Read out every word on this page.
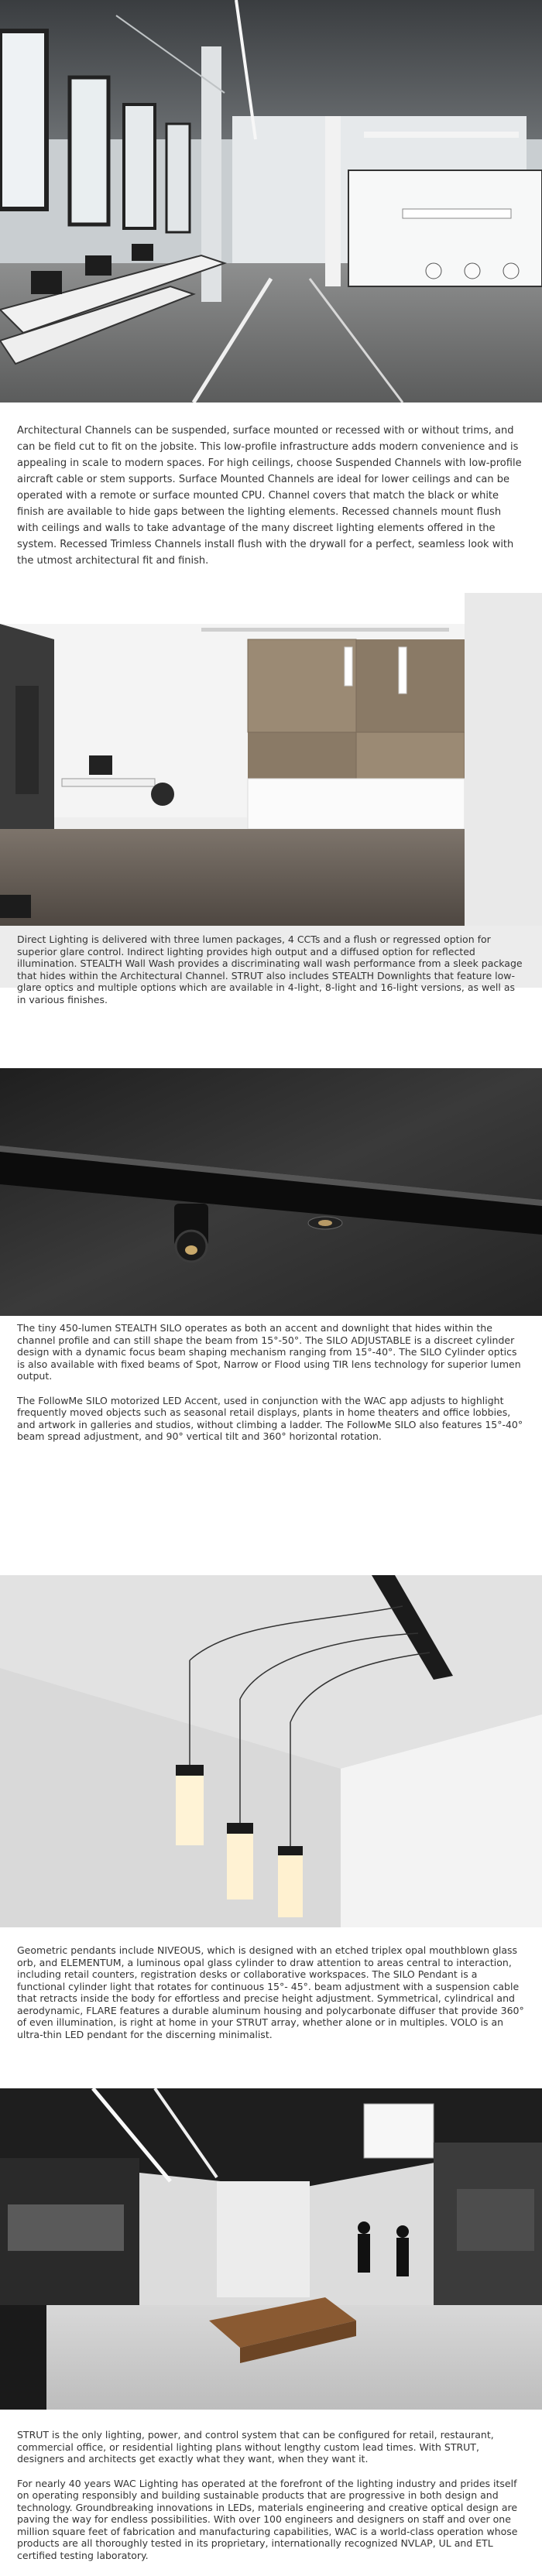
Architectural Channels can be suspended, surface mounted or recessed with or without trims, and can be field cut to fit on the jobsite. This low-profile infrastructure adds modern convenience and is appealing in scale to modern spaces. For high ceilings, choose Suspended Channels with low-profile aircraft cable or stem supports. Surface Mounted Channels are ideal for lower ceilings and can be operated with a remote or surface mounted CPU. Channel covers that match the black or white finish are available to hide gaps between the lighting elements. Recessed channels mount flush with ceilings and walls to take advantage of the many discreet lighting elements offered in the system. Recessed Trimless Channels install flush with the drywall for a perfect, seamless look with the utmost architectural fit and finish.

Direct Lighting is delivered with three lumen packages, 4 CCTs and a flush or regressed option for superior glare control. Indirect lighting provides high output and a diffused option for reflected illumination. STEALTH Wall Wash provides a discriminating wall wash performance from a sleek package that hides within the Architectural Channel. STRUT also includes STEALTH Downlights that feature low-glare optics and multiple options which are available in 4-light, 8-light and 16-light versions, as well as in various finishes.

The tiny 450-lumen STEALTH SILO operates as both an accent and downlight that hides within the channel profile and can still shape the beam from 15°-50°. The SILO ADJUSTABLE is a discreet cylinder design with a dynamic focus beam shaping mechanism ranging from 15°-40°. The SILO Cylinder optics is also available with fixed beams of Spot, Narrow or Flood using TIR lens technology for superior lumen output.

The FollowMe SILO motorized LED Accent, used in conjunction with the WAC app adjusts to highlight frequently moved objects such as seasonal retail displays, plants in home theaters and office lobbies, and artwork in galleries and studios, without climbing a ladder. The FollowMe SILO also features 15°-40° beam spread adjustment, and 90° vertical tilt and 360° horizontal rotation.

Geometric pendants include NIVEOUS, which is designed with an etched triplex opal mouthblown glass orb, and ELEMENTUM, a luminous opal glass cylinder to draw attention to areas central to interaction, including retail counters, registration desks or collaborative workspaces. The SILO Pendant is a functional cylinder light that rotates for continuous 15°- 45°. beam adjustment with a suspension cable that retracts inside the body for effortless and precise height adjustment. Symmetrical, cylindrical and aerodynamic, FLARE features a durable aluminum housing and polycarbonate diffuser that provide 360° of even illumination, is right at home in your STRUT array, whether alone or in multiples. VOLO is an ultra-thin LED pendant for the discerning minimalist.

STRUT is the only lighting, power, and control system that can be configured for retail, restaurant, commercial office, or residential lighting plans without lengthy custom lead times. With STRUT, designers and architects get exactly what they want, when they want it.

For nearly 40 years WAC Lighting has operated at the forefront of the lighting industry and prides itself on operating responsibly and building sustainable products that are progressive in both design and technology. Groundbreaking innovations in LEDs, materials engineering and creative optical design are paving the way for endless possibilities. With over 100 engineers and designers on staff and over one million square feet of fabrication and manufacturing capabilities, WAC is a world-class operation whose products are all thoroughly tested in its proprietary, internationally recognized NVLAP, UL and ETL certified testing laboratory.
